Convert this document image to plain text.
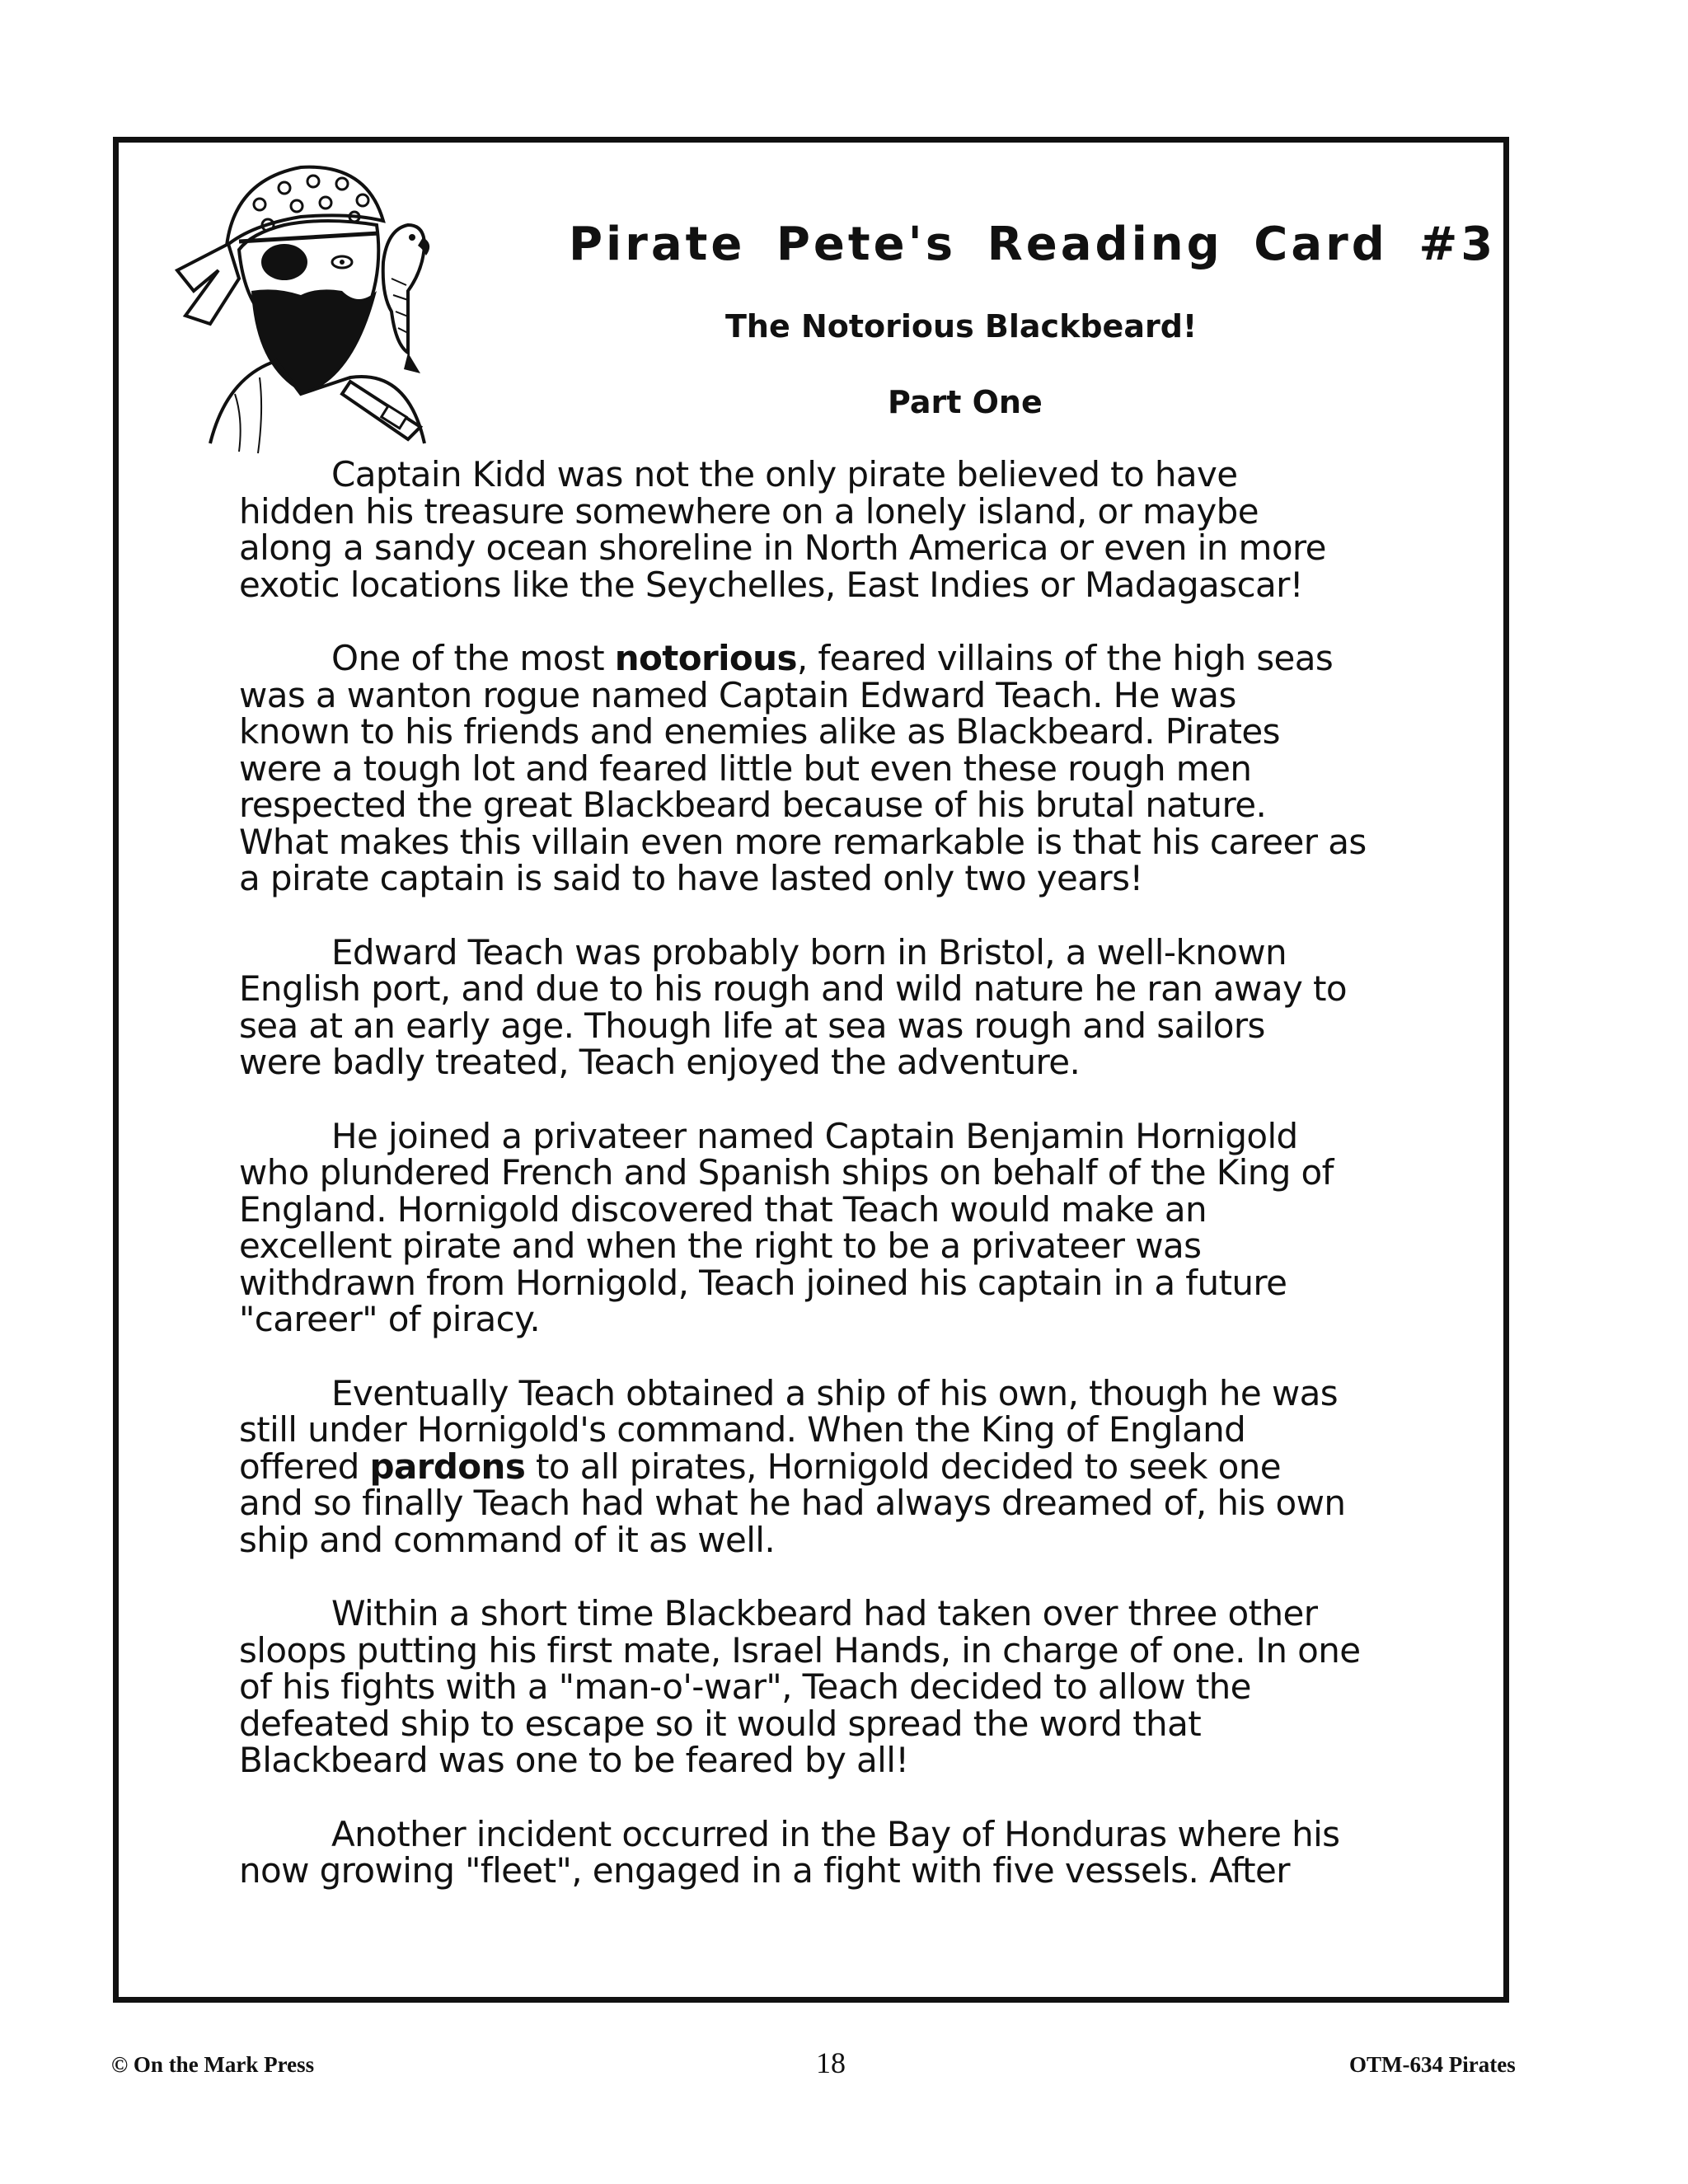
Pirate Pete's Reading Card #3
The Notorious Blackbeard!
Part One

Captain Kidd was not the only pirate believed to have
hidden his treasure somewhere on a lonely island, or maybe
along a sandy ocean shoreline in North America or even in more
exotic locations like the Seychelles, East Indies or Madagascar!

One of the most notorious, feared villains of the high seas
was a wanton rogue named Captain Edward Teach. He was
known to his friends and enemies alike as Blackbeard. Pirates
were a tough lot and feared little but even these rough men
respected the great Blackbeard because of his brutal nature.
What makes this villain even more remarkable is that his career as
a pirate captain is said to have lasted only two years!

Edward Teach was probably born in Bristol, a well-known
English port, and due to his rough and wild nature he ran away to
sea at an early age. Though life at sea was rough and sailors
were badly treated, Teach enjoyed the adventure.

He joined a privateer named Captain Benjamin Hornigold
who plundered French and Spanish ships on behalf of the King of
England. Hornigold discovered that Teach would make an
excellent pirate and when the right to be a privateer was
withdrawn from Hornigold, Teach joined his captain in a future
"career" of piracy.

Eventually Teach obtained a ship of his own, though he was
still under Hornigold's command. When the King of England
offered pardons to all pirates, Hornigold decided to seek one
and so finally Teach had what he had always dreamed of, his own
ship and command of it as well.

Within a short time Blackbeard had taken over three other
sloops putting his first mate, Israel Hands, in charge of one. In one
of his fights with a "man-o'-war", Teach decided to allow the
defeated ship to escape so it would spread the word that
Blackbeard was one to be feared by all!

Another incident occurred in the Bay of Honduras where his
now growing "fleet", engaged in a fight with five vessels. After

© On the Mark Press	18	OTM-634 Pirates
